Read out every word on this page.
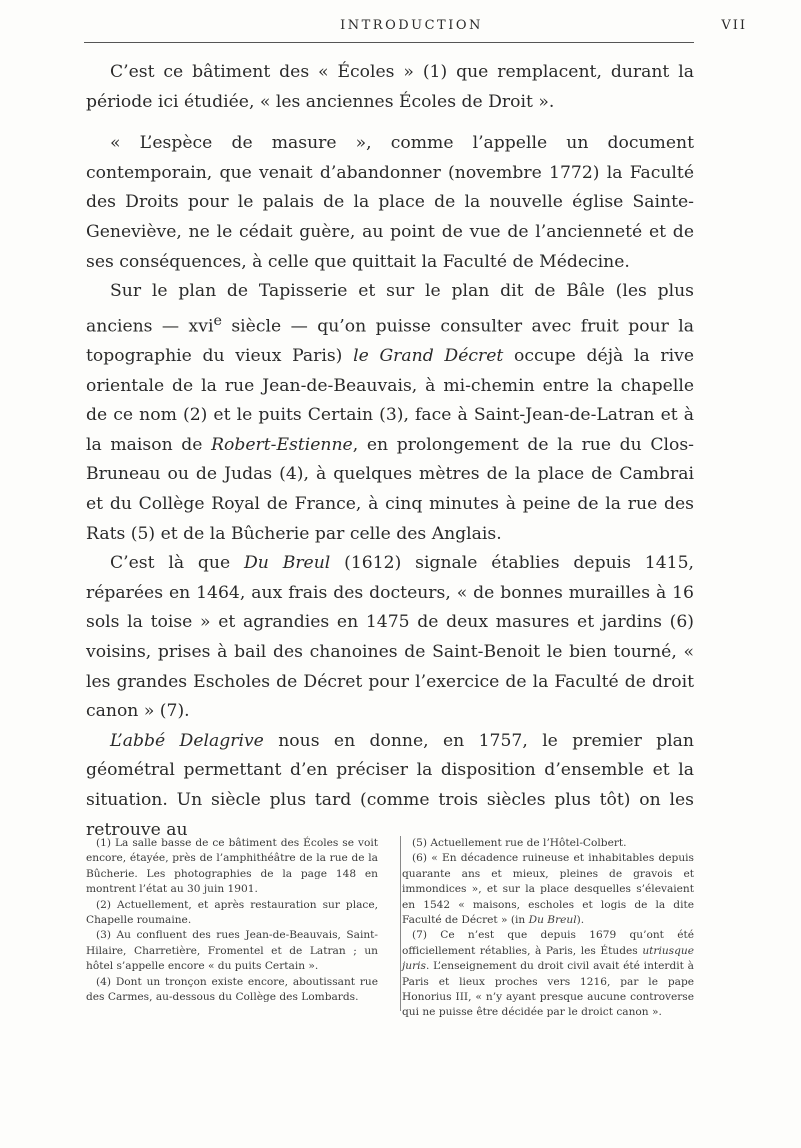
INTRODUCTION	VII

C’est ce bâtiment des « Écoles » (1) que remplacent, durant la période ici étudiée, « les anciennes Écoles de Droit ».

« L’espèce de masure », comme l’appelle un document contemporain, que venait d’abandonner (novembre 1772) la Faculté des Droits pour le palais de la place de la nouvelle église Sainte-Geneviève, ne le cédait guère, au point de vue de l’ancienneté et de ses conséquences, à celle que quittait la Faculté de Médecine.

Sur le plan de Tapisserie et sur le plan dit de Bâle (les plus anciens — xvi$^e$ siècle — qu’on puisse consulter avec fruit pour la topographie du vieux Paris) le Grand Décret occupe déjà la rive orientale de la rue Jean-de-Beauvais, à mi-chemin entre la chapelle de ce nom (2) et le puits Certain (3), face à Saint-Jean-de-Latran et à la maison de Robert-Estienne, en prolongement de la rue du Clos-Bruneau ou de Judas (4), à quelques mètres de la place de Cambrai et du Collège Royal de France, à cinq minutes à peine de la rue des Rats (5) et de la Bûcherie par celle des Anglais.

C’est là que Du Breul (1612) signale établies depuis 1415, réparées en 1464, aux frais des docteurs, « de bonnes murailles à 16 sols la toise » et agrandies en 1475 de deux masures et jardins (6) voisins, prises à bail des chanoines de Saint-Benoit le bien tourné, « les grandes Escholes de Décret pour l’exercice de la Faculté de droit canon » (7).

L’abbé Delagrive nous en donne, en 1757, le premier plan géométral permettant d’en préciser la disposition d’ensemble et la situation. Un siècle plus tard (comme trois siècles plus tôt) on les retrouve au

(1) La salle basse de ce bâtiment des Écoles se voit encore, étayée, près de l’amphithéâtre de la rue de la Bûcherie. Les photographies de la page 148 en montrent l’état au 30 juin 1901.

(2) Actuellement, et après restauration sur place, Chapelle roumaine.

(3) Au confluent des rues Jean-de-Beauvais, Saint-Hilaire, Charretière, Fromentel et de Latran ; un hôtel s’appelle encore « du puits Certain ».

(4) Dont un tronçon existe encore, aboutissant rue des Carmes, au-dessous du Collège des Lombards.

(5) Actuellement rue de l’Hôtel-Colbert.

(6) « En décadence ruineuse et inhabitables depuis quarante ans et mieux, pleines de gravois et immondices », et sur la place desquelles s’élevaient en 1542 « maisons, escholes et logis de la dite Faculté de Décret » (in Du Breul).

(7) Ce n’est que depuis 1679 qu’ont été officiellement rétablies, à Paris, les Études utriusque juris. L’enseignement du droit civil avait été interdit à Paris et lieux proches vers 1216, par le pape Honorius III, « n’y ayant presque aucune controverse qui ne puisse être décidée par le droict canon ».
